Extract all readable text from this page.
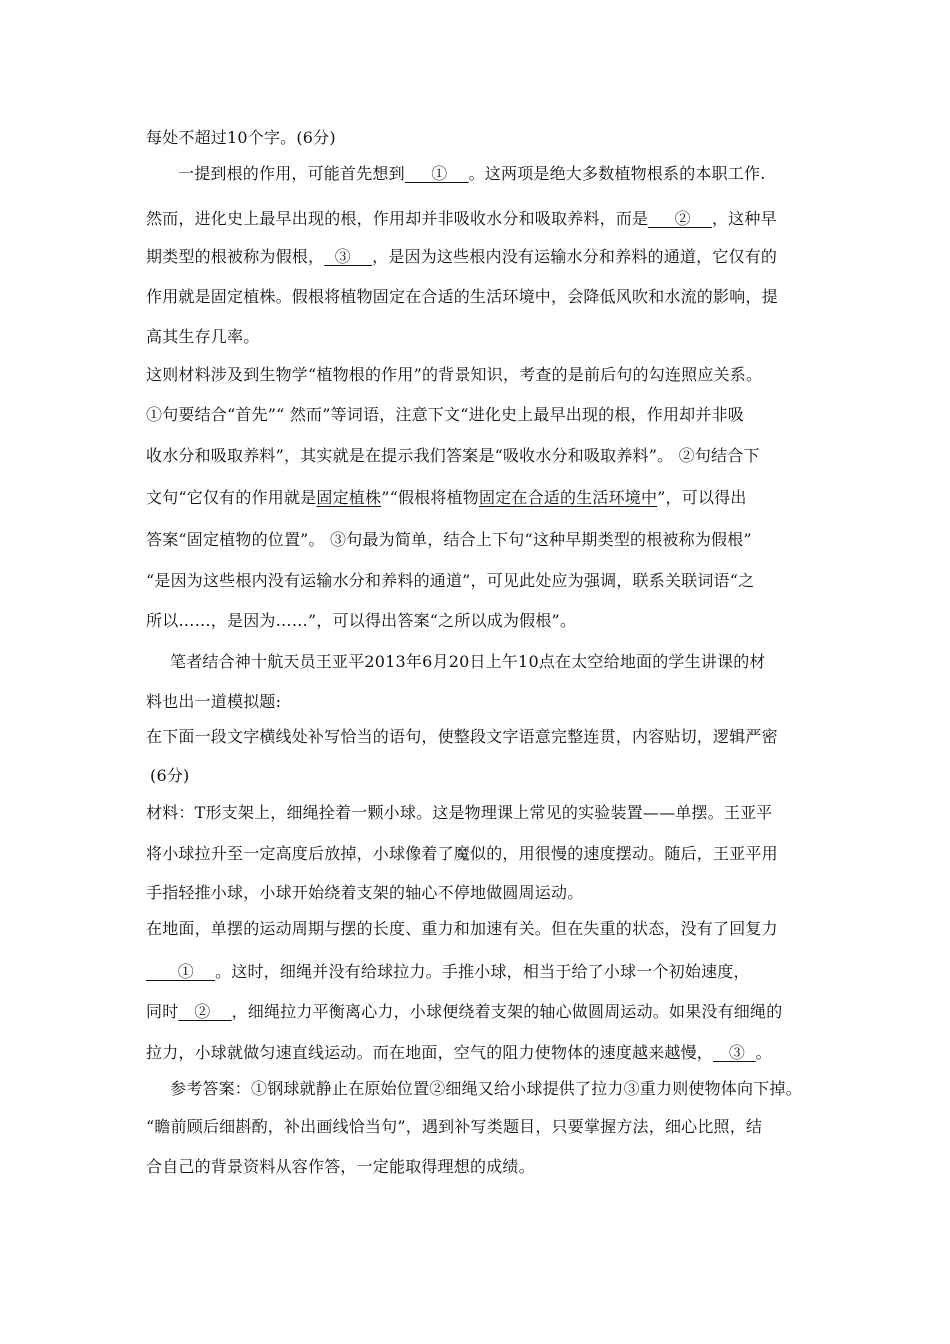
每处不超过10个字。(6分)
一提到根的作用，可能首先想到     ①    。这两项是绝大多数植物根系的本职工作.
然而，进化史上最早出现的根，作用却并非吸收水分和吸取养料，而是     ②    ，这种早
期类型的根被称为假根，  ③    ，是因为这些根内没有运输水分和养料的通道，它仅有的
作用就是固定植株。假根将植物固定在合适的生活环境中，会降低风吹和水流的影响，提
高其生存几率。
这则材料涉及到生物学“植物根的作用”的背景知识，考查的是前后句的勾连照应关系。
①句要结合“首先”“ 然而”等词语，注意下文“进化史上最早出现的根，作用却并非吸
收水分和吸取养料”，其实就是在提示我们答案是“吸收水分和吸取养料”。 ②句结合下
文句“它仅有的作用就是固定植株”“假根将植物固定在合适的生活环境中”，可以得出
答案“固定植物的位置”。 ③句最为简单，结合上下句“这种早期类型的根被称为假根”
“是因为这些根内没有运输水分和养料的通道”，可见此处应为强调，联系关联词语“之
所以……，是因为……”，可以得出答案“之所以成为假根”。
笔者结合神十航天员王亚平2013年6月20日上午10点在太空给地面的学生讲课的材
料也出一道模拟题:
在下面一段文字横线处补写恰当的语句，使整段文字语意完整连贯，内容贴切，逻辑严密
(6分)
材料：T形支架上，细绳拴着一颗小球。这是物理课上常见的实验装置——单摆。王亚平
将小球拉升至一定高度后放掉，小球像着了魔似的，用很慢的速度摆动。随后，王亚平用
手指轻推小球，小球开始绕着支架的轴心不停地做圆周运动。
在地面，单摆的运动周期与摆的长度、重力和加速有关。但在失重的状态，没有了回复力
①    。这时，细绳并没有给球拉力。手推小球，相当于给了小球一个初始速度，
同时   ②    ，细绳拉力平衡离心力，小球便绕着支架的轴心做圆周运动。如果没有细绳的
拉力，小球就做匀速直线运动。而在地面，空气的阻力使物体的速度越来越慢，   ③  。
参考答案：①钢球就静止在原始位置②细绳又给小球提供了拉力③重力则使物体向下掉。
“瞻前顾后细斟酌，补出画线恰当句”，遇到补写类题目，只要掌握方法，细心比照，结
合自己的背景资料从容作答，一定能取得理想的成绩。
